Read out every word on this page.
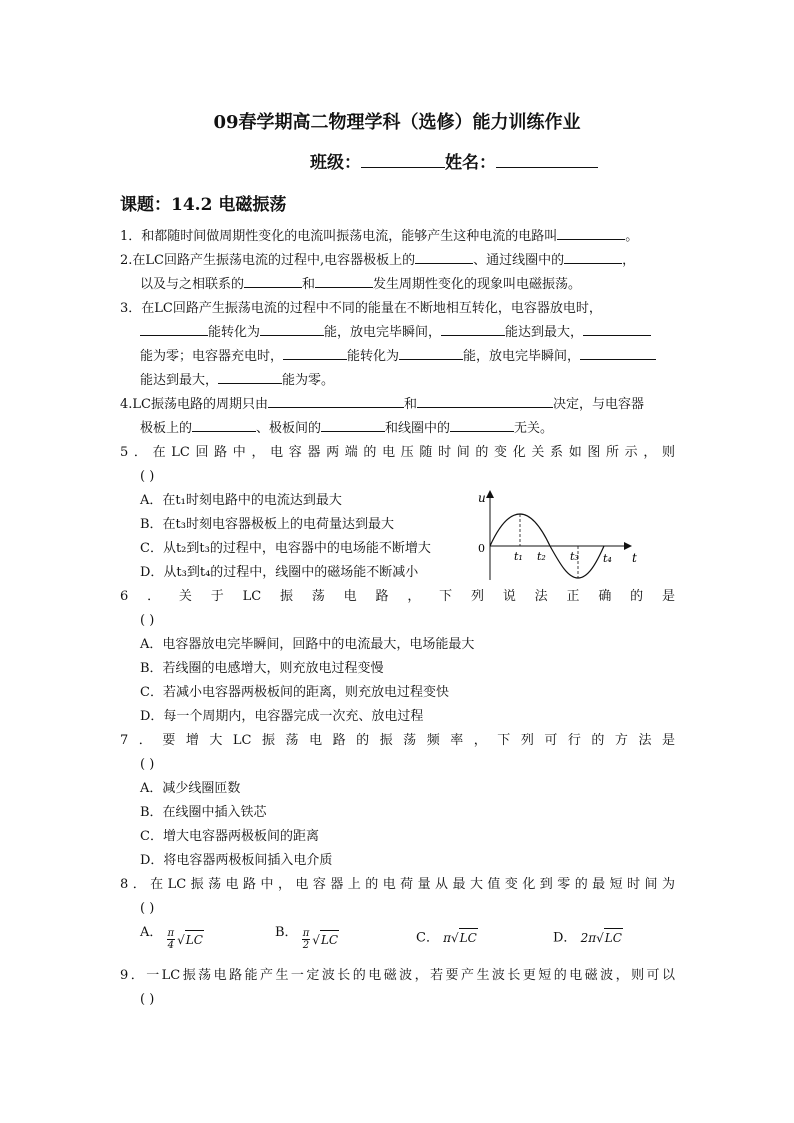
09春学期高二物理学科（选修）能力训练作业
班级：	姓名：
课题：14.2 电磁振荡
1．和都随时间做周期性变化的电流叫振荡电流，能够产生这种电流的电路叫	。
2.在LC回路产生振荡电流的过程中,电容器极板上的	、通过线圈中的	，
以及与之相联系的	和	发生周期性变化的现象叫电磁振荡。
3．在LC回路产生振荡电流的过程中不同的能量在不断地相互转化，电容器放电时，
能转化为	能，放电完毕瞬间，	能达到最大，
能为零；电容器充电时，	能转化为	能，放电完毕瞬间，
能达到最大，	能为零。
4.LC振荡电路的周期只由	和	决定，与电容器
极板上的	、极板间的	和线圈中的	无关。
5．在LC回路中，电容器两端的电压随时间的变化关系如图所示，则
( )
A．在t₁时刻电路中的电流达到最大
B．在t₃时刻电容器极板上的电荷量达到最大
C．从t₂到t₃的过程中，电容器中的电场能不断增大
D．从t₃到t₄的过程中，线圈中的磁场能不断减小
u
t
0
t₁ t₂ t₃ t₄
6．关于LC振荡电路，下列说法正确的是
( )
A．电容器放电完毕瞬间，回路中的电流最大，电场能最大
B．若线圈的电感增大，则充放电过程变慢
C．若减小电容器两极板间的距离，则充放电过程变快
D．每一个周期内，电容器完成一次充、放电过程
7．要增大LC振荡电路的振荡频率，下列可行的方法是
( )
A．减少线圈匝数
B．在线圈中插入铁芯
C．增大电容器两极板间的距离
D．将电容器两极板间插入电介质
8．在LC振荡电路中，电容器上的电荷量从最大值变化到零的最短时间为
( )
A． $\frac{\pi}{4}$ √ LC	B． $\frac{\pi}{2}$ √ LC	C． π √ LC	D． 2π √ LC
9．一LC振荡电路能产生一定波长的电磁波，若要产生波长更短的电磁波，则可以
( )
